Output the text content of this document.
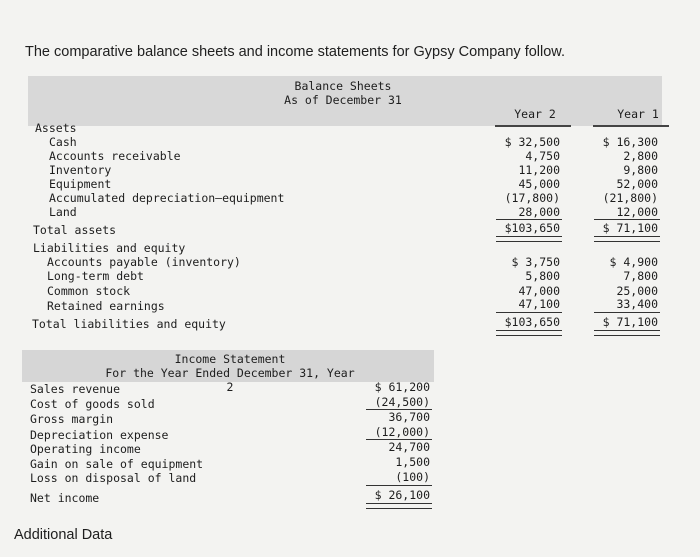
The comparative balance sheets and income statements for Gypsy Company follow.
Balance Sheets
As of December 31
Year 2	Year 1
Assets
Cash	$ 32,500	$ 16,300
Accounts receivable	4,750	2,800
Inventory	11,200	9,800
Equipment	45,000	52,000
Accumulated depreciation—equipment	(17,800)	(21,800)
Land	28,000	12,000
Total assets	$103,650	$ 71,100
Liabilities and equity
Accounts payable (inventory)	$ 3,750	$ 4,900
Long-term debt	5,800	7,800
Common stock	47,000	25,000
Retained earnings	47,100	33,400
Total liabilities and equity	$103,650	$ 71,100
Income Statement
For the Year Ended December 31, Year 2
Sales revenue	$ 61,200
Cost of goods sold	(24,500)
Gross margin	36,700
Depreciation expense	(12,000)
Operating income	24,700
Gain on sale of equipment	1,500
Loss on disposal of land	(100)
Net income	$ 26,100
Additional Data
